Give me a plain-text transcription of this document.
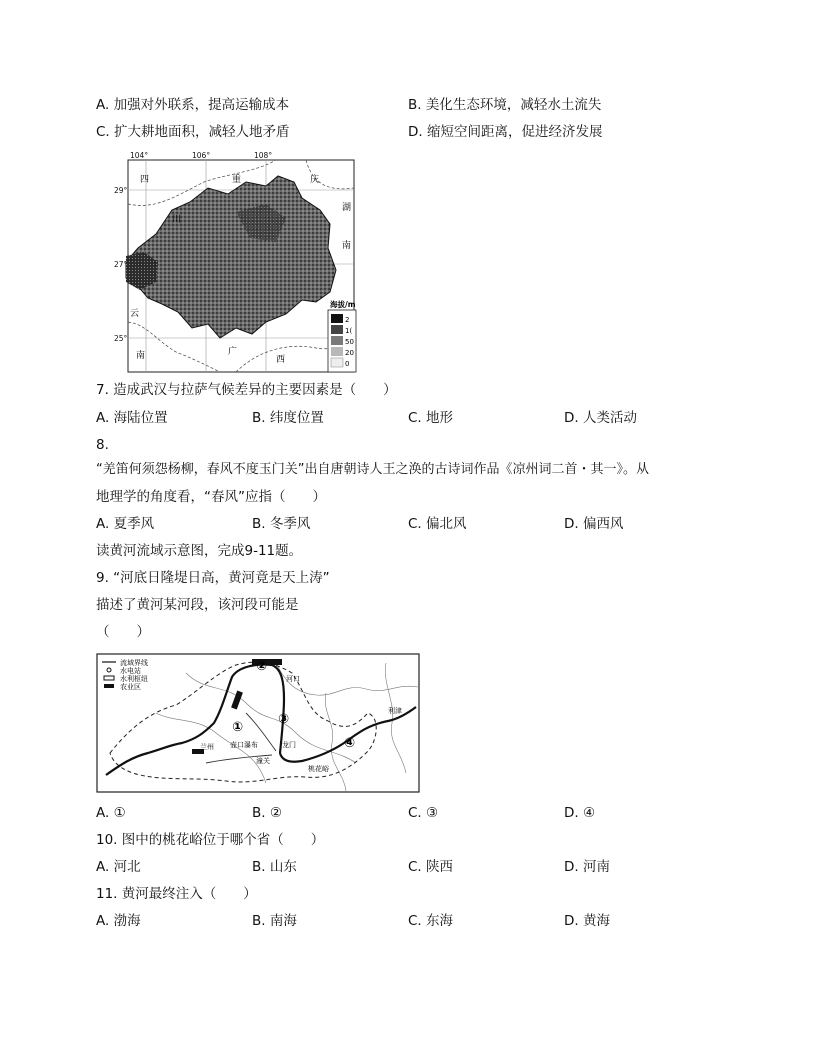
A. 加强对外联系，提高运输成本	B. 美化生态环境，减轻水土流失
C. 扩大耕地面积，减轻人地矛盾	D. 缩短空间距离，促进经济发展
104°	106°	108°
29°
27°
25°
四
川
重	庆
湖
南
云
南	广
西
海拔/m
2
1(
50
20
0
7. 造成武汉与拉萨气候差异的主要因素是（　　）
A. 海陆位置	B. 纬度位置	C. 地形	D. 人类活动
8.
“羌笛何须怨杨柳，春风不度玉门关”出自唐朝诗人王之涣的古诗词作品《凉州词二首・其一》。从
地理学的角度看，“春风”应指（　　）
A. 夏季风	B. 冬季风	C. 偏北风	D. 偏西风
读黄河流域示意图，完成9-11题。
9. “河底日隆堤日高，黄河竟是天上涛”
描述了黄河某河段，该河段可能是
（　　）
流域界线
水电站
水利枢纽
农业区
①
②
③
④
河口
兰州 壶口瀑布	龙门
潼关
桃花峪
利津
A. ①	B. ②	C. ③	D. ④
10. 图中的桃花峪位于哪个省（　　）
A. 河北	B. 山东	C. 陕西	D. 河南
11. 黄河最终注入（　　）
A. 渤海	B. 南海	C. 东海	D. 黄海
